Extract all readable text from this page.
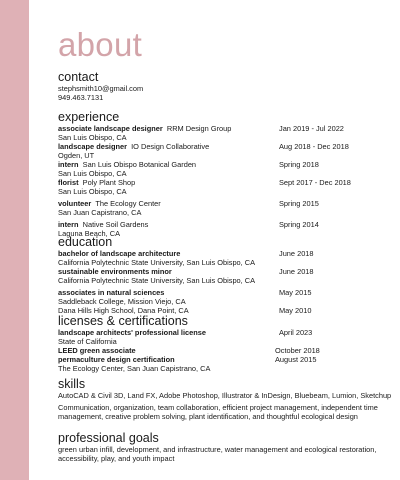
about
contact
stephsmith10@gmail.com
949.463.7131
experience
associate landscape designer RRM Design Group	Jan 2019 - Jul 2022
San Luis Obispo, CA
landscape designer IO Design Collaborative	Aug 2018 - Dec 2018
Ogden, UT
intern San Luis Obispo Botanical Garden	Spring 2018
San Luis Obispo, CA
florist Poly Plant Shop	Sept 2017 - Dec 2018
San Luis Obispo, CA
volunteer The Ecology Center	Spring 2015
San Juan Capistrano, CA
intern Native Soil Gardens	Spring 2014
Laguna Beach, CA
education
bachelor of landscape architecture	June 2018
California Polytechnic State University, San Luis Obispo, CA
sustainable environments minor	June 2018
California Polytechnic State University, San Luis Obispo, CA
associates in natural sciences	May 2015
Saddleback College, Mission Viejo, CA
Dana Hills High School, Dana Point, CA	May 2010
licenses & certifications
landscape architects' professional license	April 2023
State of California
LEED green associate	October 2018
permaculture design certification	August 2015
The Ecology Center, San Juan Capistrano, CA
skills
AutoCAD & Civil 3D, Land FX, Adobe Photoshop, Illustrator & InDesign, Bluebeam, Lumion, Sketchup
Communication, organization, team collaboration, efficient project management, independent time management, creative problem solving, plant identification, and thoughtful ecological design
professional goals
green urban infill, development, and infrastructure, water management and ecological restoration, accessibility, play, and youth impact
